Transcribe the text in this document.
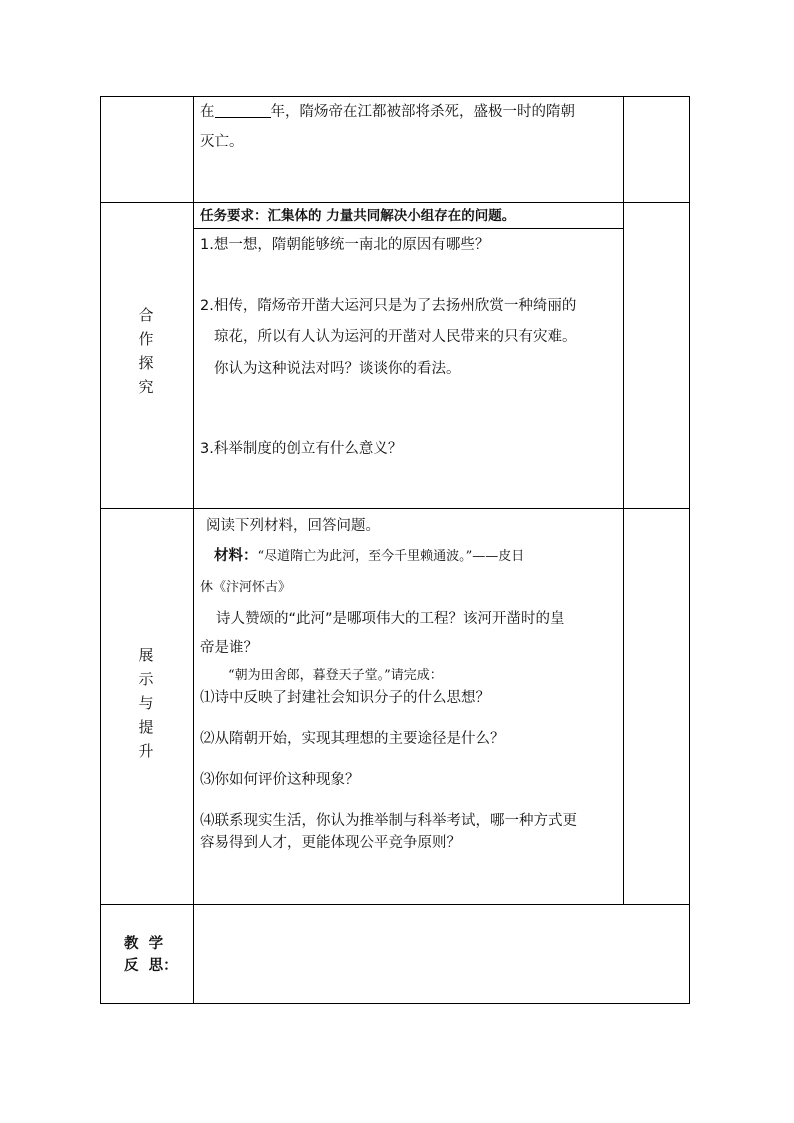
在	年，隋炀帝在江都被部将杀死，盛极一时的隋朝
灭亡。
合
作
探
究
任务要求：汇集体的 力量共同解决小组存在的问题。
1.想一想，隋朝能够统一南北的原因有哪些？
2.相传，隋炀帝开凿大运河只是为了去扬州欣赏一种绮丽的
琼花，所以有人认为运河的开凿对人民带来的只有灾难。
你认为这种说法对吗？谈谈你的看法。
3.科举制度的创立有什么意义？
展
示
与
提
升
阅读下列材料，回答问题。
材料：“尽道隋亡为此河，至今千里赖通波。”——皮日
休《汴河怀古》
诗人赞颂的“此河”是哪项伟大的工程？该河开凿时的皇
帝是谁？
“朝为田舍郎，暮登天子堂。”请完成：
⑴诗中反映了封建社会知识分子的什么思想？
⑵从隋朝开始，实现其理想的主要途径是什么？
⑶你如何评价这种现象？
⑷联系现实生活，你认为推举制与科举考试，哪一种方式更
容易得到人才，更能体现公平竞争原则？
教  学
反  思：
